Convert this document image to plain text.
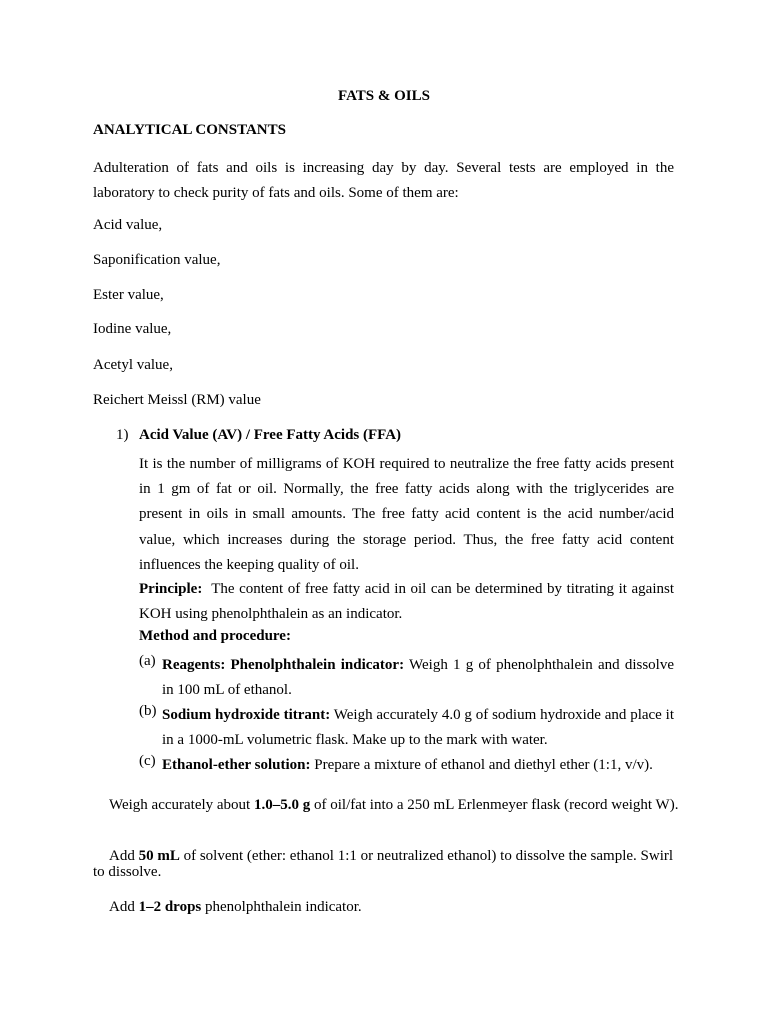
FATS & OILS

ANALYTICAL CONSTANTS

Adulteration of fats and oils is increasing day by day. Several tests are employed in the laboratory to check purity of fats and oils. Some of them are:

Acid value,

Saponification value,

Ester value,

Iodine value,

Acetyl value,

Reichert Meissl (RM) value

1) Acid Value (AV) / Free Fatty Acids (FFA)

It is the number of milligrams of KOH required to neutralize the free fatty acids present in 1 gm of fat or oil. Normally, the free fatty acids along with the triglycerides are present in oils in small amounts. The free fatty acid content is the acid number/acid value, which increases during the storage period. Thus, the free fatty acid content influences the keeping quality of oil.

Principle: The content of free fatty acid in oil can be determined by titrating it against KOH using phenolphthalein as an indicator.

Method and procedure:

(a) Reagents: Phenolphthalein indicator: Weigh 1 g of phenolphthalein and dissolve in 100 mL of ethanol.

(b) Sodium hydroxide titrant: Weigh accurately 4.0 g of sodium hydroxide and place it in a 1000-mL volumetric flask. Make up to the mark with water.

(c) Ethanol-ether solution: Prepare a mixture of ethanol and diethyl ether (1:1, v/v).

Weigh accurately about 1.0–5.0 g of oil/fat into a 250 mL Erlenmeyer flask (record weight W).

Add 50 mL of solvent (ether: ethanol 1:1 or neutralized ethanol) to dissolve the sample. Swirl to dissolve.

Add 1–2 drops phenolphthalein indicator.
